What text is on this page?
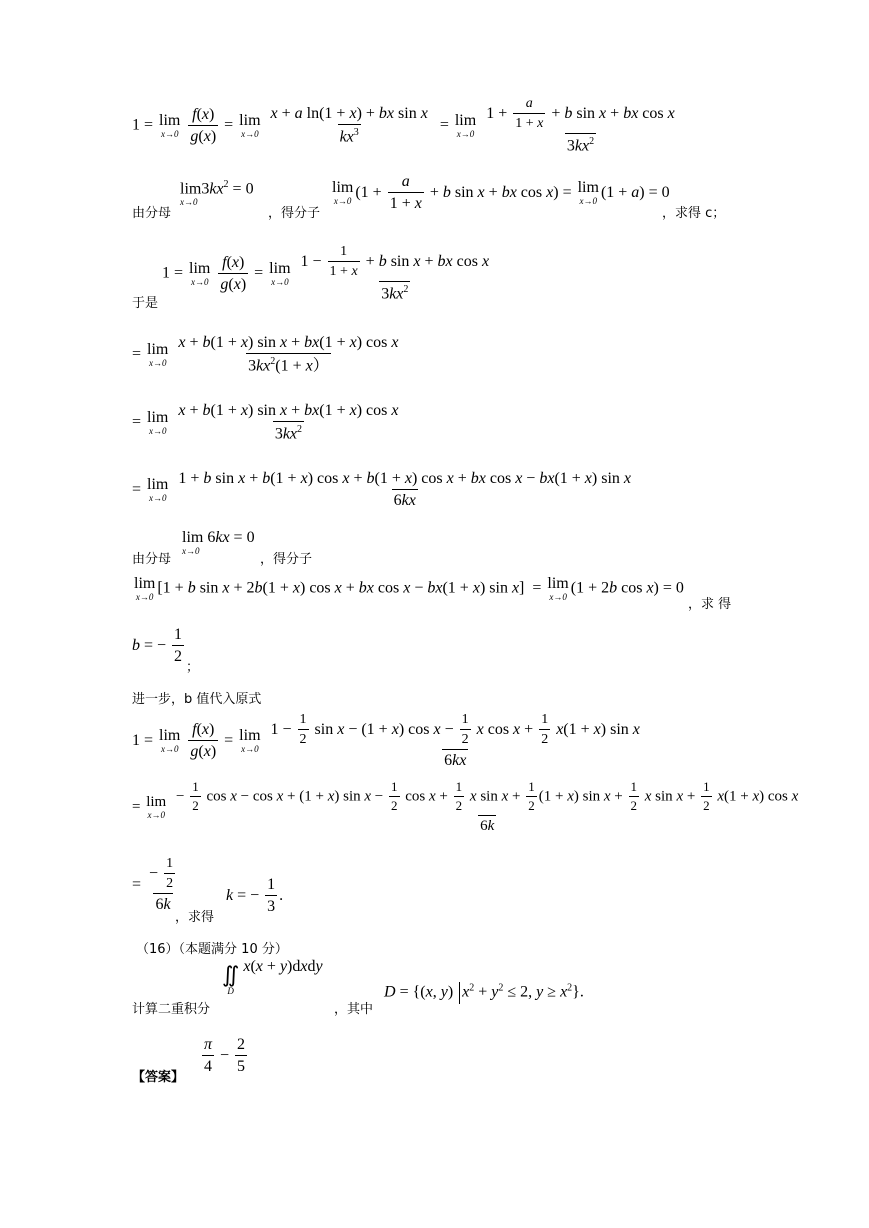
1 = lim
x→0
$\frac{f(x)}{g(x)} = \lim$
x→0
$\frac{\text{x + a ln(1 + x) + bx sin x}}{kx^3} = \lim$
x→0
$\frac{1 + \frac{a}{1 + x} + b \sin x + bx \cos x}{3kx^2}$
由分母
$\lim 3kx^2 = 0$
x→0
，得分子
lim
x→0
($1 + \frac{a}{1 + x} + b$ sin x + bx cos x) = lim
x→0
(1 + a) = 0
，求得 c；
于是
1 = lim
x→0
$\frac{f(x)}{g(x)} = \lim$
x→0
$\frac{1 - \frac{1}{1 + x} + b \sin x + bx \cos x}{3kx^2}$
= lim
x→0
$\frac{\text{x + b(1 + x) sin x + bx(1 + x) cos x}}{3kx^2(1 + x)}$
= lim
x→0
$\frac{\text{x + b(1 + x) sin x + bx(1 + x) cos x}}{3kx^2}$
= lim
x→0

1 + b sin x + b(1 + x) cos x + b(1 + x) cos x + bx cos x − bx(1 + x) sin x
6kx
由分母
lim 6kx = 0
x→0
，得分子
lim
x→0
[1 + b sin x + 2b(1 + x) cos x + bx cos x − bx(1 + x) sin x]  = lim
x→0
(1 + 2b cos x) = 0
，求 得
b = − $\frac{1}{2}$
；
进一步，b 值代入原式
1 = lim
x→0
$\frac{f(x)}{g(x)} = \lim$
x→0

$1 - \frac{1}{2}$ sin x − (1 + x) $\cos x - \frac{1}{2}$ x $\cos x + \frac{1}{2} x(1 + x)$ sin x
6kx
= lim
x→0

− $\frac{1}{2}$ cos x − cos x + (1 + x) $\sin x - \frac{1}{2}$ $\cos x + \frac{1}{2}$ x $\sin x + \frac{1}{2} (1 + x)$ $\sin x + \frac{1}{2}$ x $\sin x + \frac{1}{2} x(1 + x)$ cos x
6k
= $\frac{- \frac{1}{2}}{6k}$
，求得
k = − $\frac{1}{3}$ .
（16）（本题满分 10 分）
计算二重积分
∬
D
x(x + y)dxdy
，其中
D = {(x, y) $x^2 + y^2 \le 2$, $y \ge x^2$}.
【答案】
$\frac{\pi}{4} - \frac{2}{5}$
